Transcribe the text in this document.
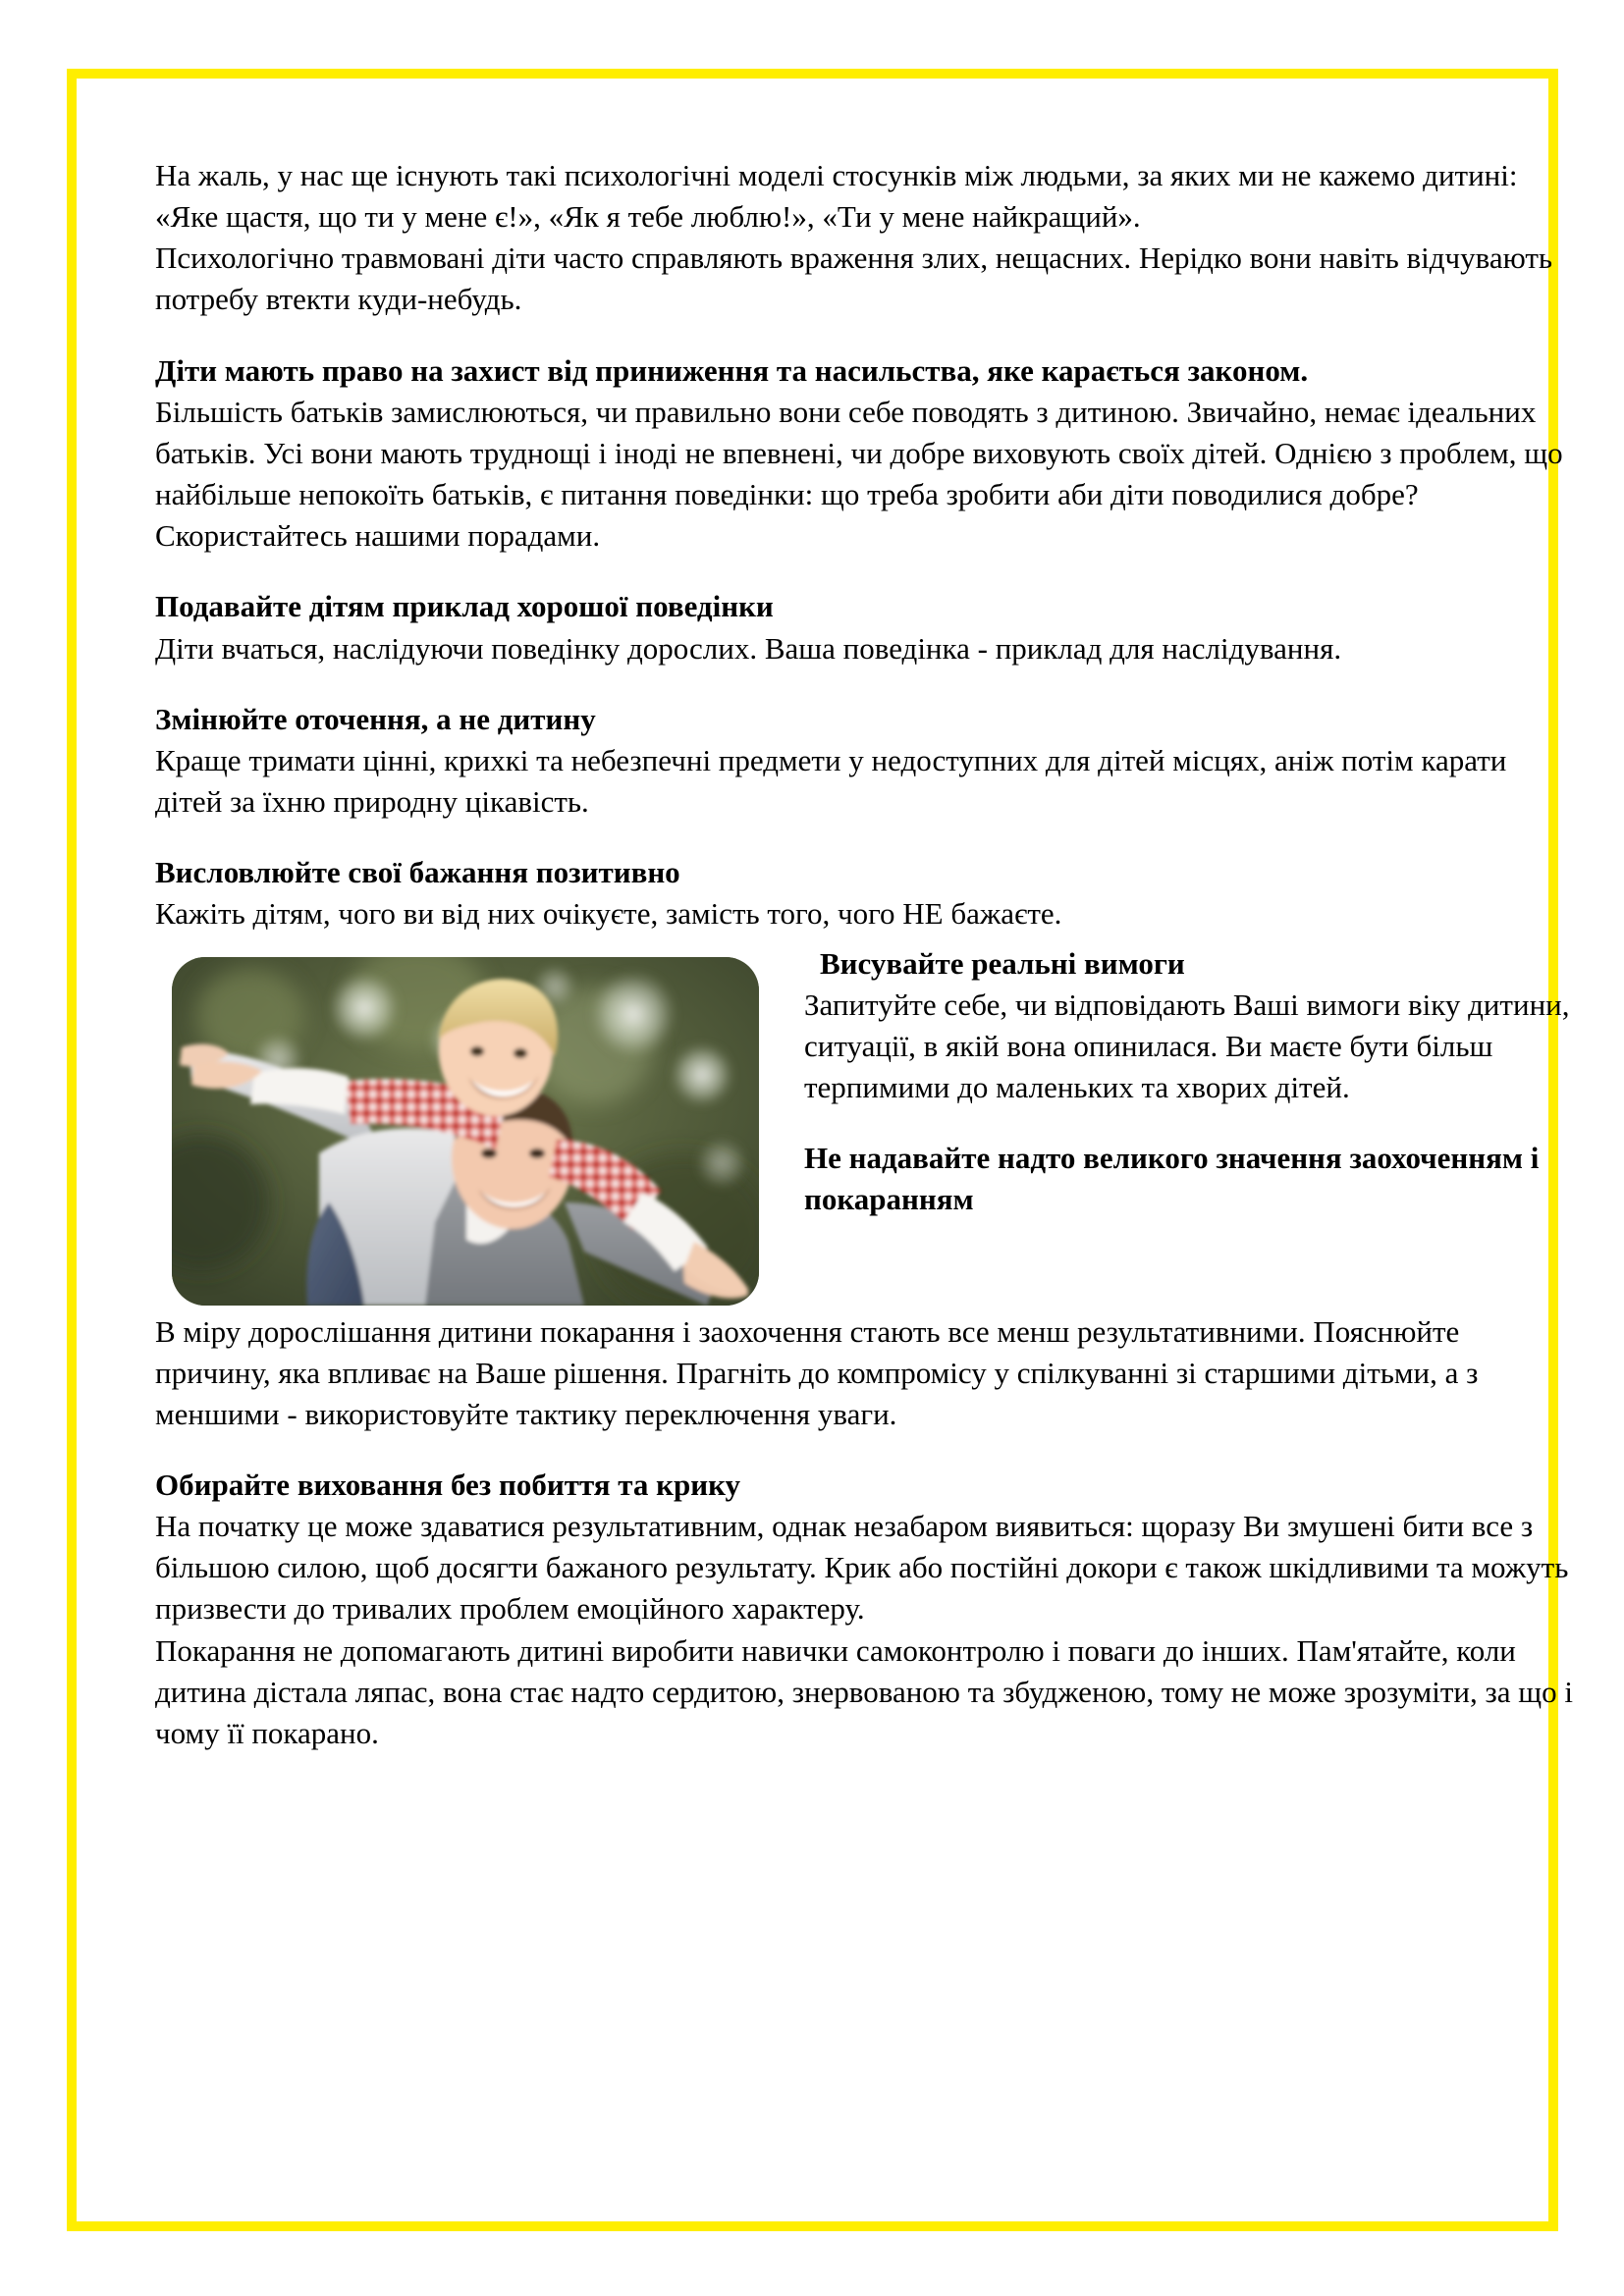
На жаль, у нас ще існують такі психологічні моделі стосунків між людьми, за яких ми не кажемо дитині: «Яке щастя, що ти у мене є!», «Як я тебе люблю!», «Ти у мене найкращий».

Психологічно травмовані діти часто справляють враження злих, нещасних. Нерідко вони навіть відчувають потребу втекти куди-небудь.

Діти мають право на захист від приниження та насильства, яке карається законом.

Більшість батьків замислюються, чи правильно вони себе поводять з дитиною. Звичайно, немає ідеальних батьків. Усі вони мають труднощі і іноді не впевнені, чи добре виховують своїх дітей. Однією з проблем, що найбільше непокоїть батьків, є питання поведінки: що треба зробити аби діти поводилися добре? Скористайтесь нашими порадами.

Подавайте дітям приклад хорошої поведінки

Діти вчаться, наслідуючи поведінку дорослих. Ваша поведінка - приклад для наслідування.

Змінюйте оточення, а не дитину

Краще тримати цінні, крихкі та небезпечні предмети у недоступних для дітей місцях, аніж потім карати дітей за їхню природну цікавість.

Висловлюйте свої бажання позитивно

Кажіть дітям, чого ви від них очікуєте, замість того, чого НЕ бажаєте.

Висувайте реальні вимоги

Запитуйте себе, чи відповідають Ваші вимоги віку дитини, ситуації, в якій вона опинилася. Ви маєте бути більш терпимими до маленьких та хворих дітей.

Не надавайте надто великого значення заохоченням і покаранням

В міру дорослішання дитини покарання і заохочення стають все менш результативними. Пояснюйте причину, яка впливає на Ваше рішення. Прагніть до компромісу у спілкуванні зі старшими дітьми, а з меншими - використовуйте тактику переключення уваги.

Обирайте виховання без побиття та крику

На початку це може здаватися результативним, однак незабаром виявиться: щоразу Ви змушені бити все з більшою силою, щоб досягти бажаного результату. Крик або постійні докори є також шкідливими та можуть призвести до тривалих проблем емоційного характеру.

Покарання не допомагають дитині виробити навички самоконтролю і поваги до інших. Пам'ятайте, коли дитина дістала ляпас, вона стає надто сердитою, знервованою та збудженою, тому не може зрозуміти, за що і чому її покарано.
